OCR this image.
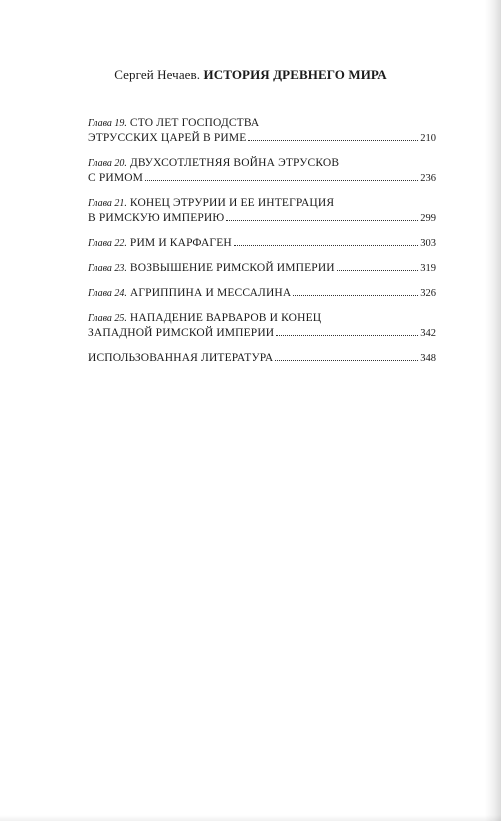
Сергей Нечаев. ИСТОРИЯ ДРЕВНЕГО МИРА
Глава 19. СТО ЛЕТ ГОСПОДСТВА
ЭТРУССКИХ ЦАРЕЙ В РИМЕ	210
Глава 20. ДВУХСОТЛЕТНЯЯ ВОЙНА ЭТРУСКОВ
С РИМОМ	236
Глава 21. КОНЕЦ ЭТРУРИИ И ЕЕ ИНТЕГРАЦИЯ
В РИМСКУЮ ИМПЕРИЮ	299
Глава 22. РИМ И КАРФАГЕН	303
Глава 23. ВОЗВЫШЕНИЕ РИМСКОЙ ИМПЕРИИ	319
Глава 24. АГРИППИНА И МЕССАЛИНА	326
Глава 25. НАПАДЕНИЕ ВАРВАРОВ И КОНЕЦ
ЗАПАДНОЙ РИМСКОЙ ИМПЕРИИ	342
ИСПОЛЬЗОВАННАЯ ЛИТЕРАТУРА	348
